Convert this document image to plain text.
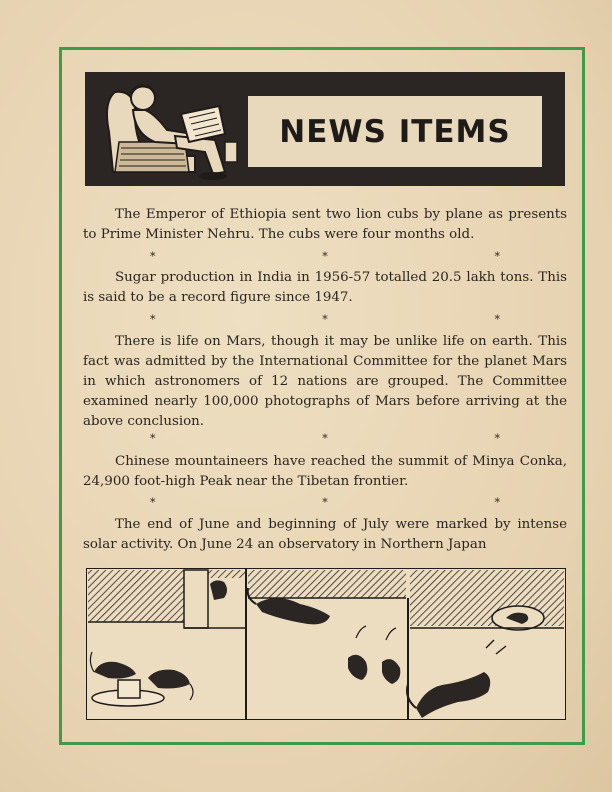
NEWS ITEMS

The Emperor of Ethiopia sent two lion cubs by plane as presents to Prime Minister Nehru. The cubs were four months old.

*	*	*

Sugar production in India in 1956-57 totalled 20.5 lakh tons. This is said to be a record figure since 1947.

*	*	*

There is life on Mars, though it may be unlike life on earth. This fact was admitted by the International Committee for the planet Mars in which astronomers of 12 nations are grouped. The Committee examined nearly 100,000 photographs of Mars before arriving at the above conclusion.

*	*	*

Chinese mountaineers have reached the summit of Minya Conka, 24,900 foot-high Peak near the Tibetan frontier.

*	*	*

The end of June and beginning of July were marked by intense solar activity. On June 24 an observatory in Northern Japan
